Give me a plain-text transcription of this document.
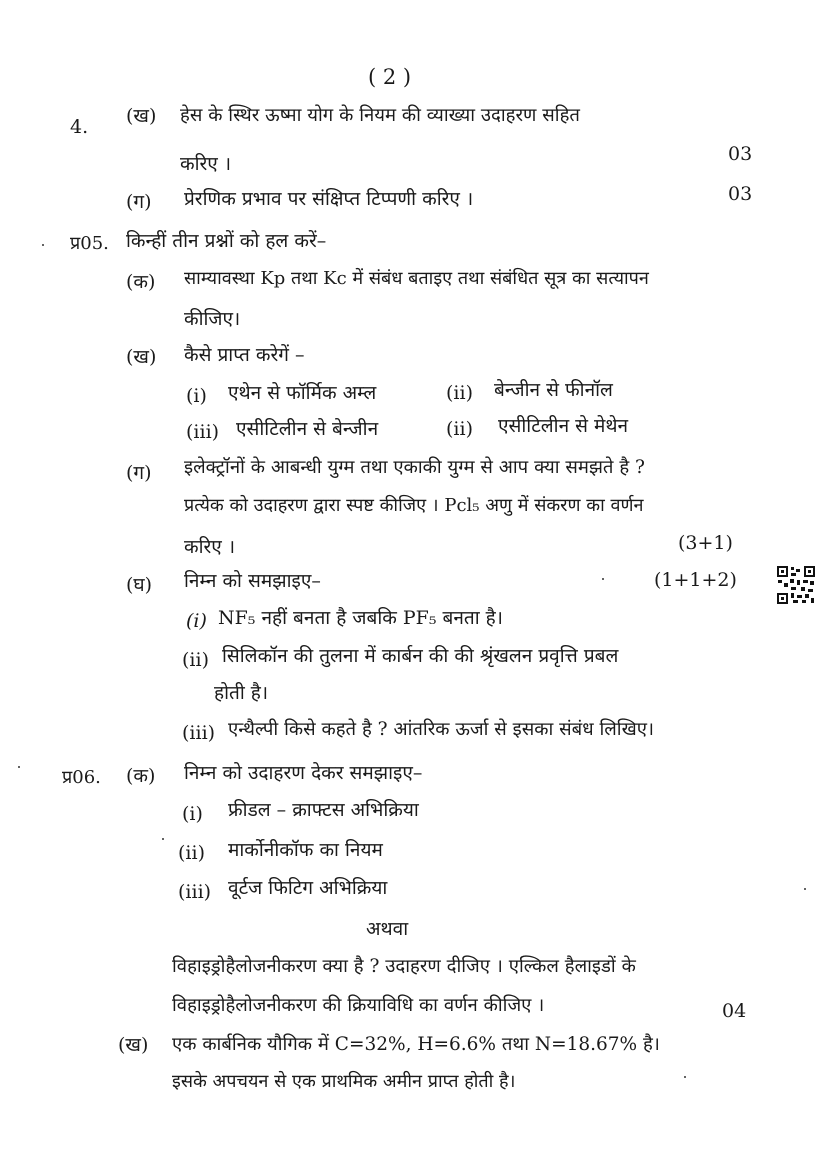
( 2 )
4. (ख) हेस के स्थिर ऊष्मा योग के नियम की व्याख्या उदाहरण सहित
करिए ।	03
(ग) प्रेरणिक प्रभाव पर संक्षिप्त टिप्पणी करिए ।	03
प्र05. किन्हीं तीन प्रश्नों को हल करें–
(क) साम्यावस्था Kp तथा Kc में संबंध बताइए तथा संबंधित सूत्र का सत्यापन
कीजिए।
(ख) कैसे प्राप्त करेगें –
(i) एथेन से फॉर्मिक अम्ल	(ii) बेन्जीन से फीनॉल
(iii) एसीटिलीन से बेन्जीन	(ii) एसीटिलीन से मेथेन
(ग) इलेक्ट्रॉनों के आबन्धी युग्म तथा एकाकी युग्म से आप क्या समझते है ?
प्रत्येक को उदाहरण द्वारा स्पष्ट कीजिए । Pcl₅ अणु में संकरण का वर्णन
करिए ।	(3+1)
(घ) निम्न को समझाइए–	(1+1+2)
(i) NF₅ नहीं बनता है जबकि PF₅ बनता है।
(ii) सिलिकॉन की तुलना में कार्बन की की श्रृंखलन प्रवृत्ति प्रबल
होती है।
(iii) एन्थैल्पी किसे कहते है ? आंतरिक ऊर्जा से इसका संबंध लिखिए।
प्र06. (क) निम्न को उदाहरण देकर समझाइए–
(i) फ्रीडल – क्राफ्टस अभिक्रिया
(ii) मार्कोनीकॉफ का नियम
(iii) वूर्टज फिटिग अभिक्रिया
अथवा
विहाइड्रोहैलोजनीकरण क्या है ? उदाहरण दीजिए । एल्किल हैलाइडों के
विहाइड्रोहैलोजनीकरण की क्रियाविधि का वर्णन कीजिए ।	04
(ख) एक कार्बनिक यौगिक में C=32%, H=6.6% तथा N=18.67% है।
इसके अपचयन से एक प्राथमिक अमीन प्राप्त होती है।
